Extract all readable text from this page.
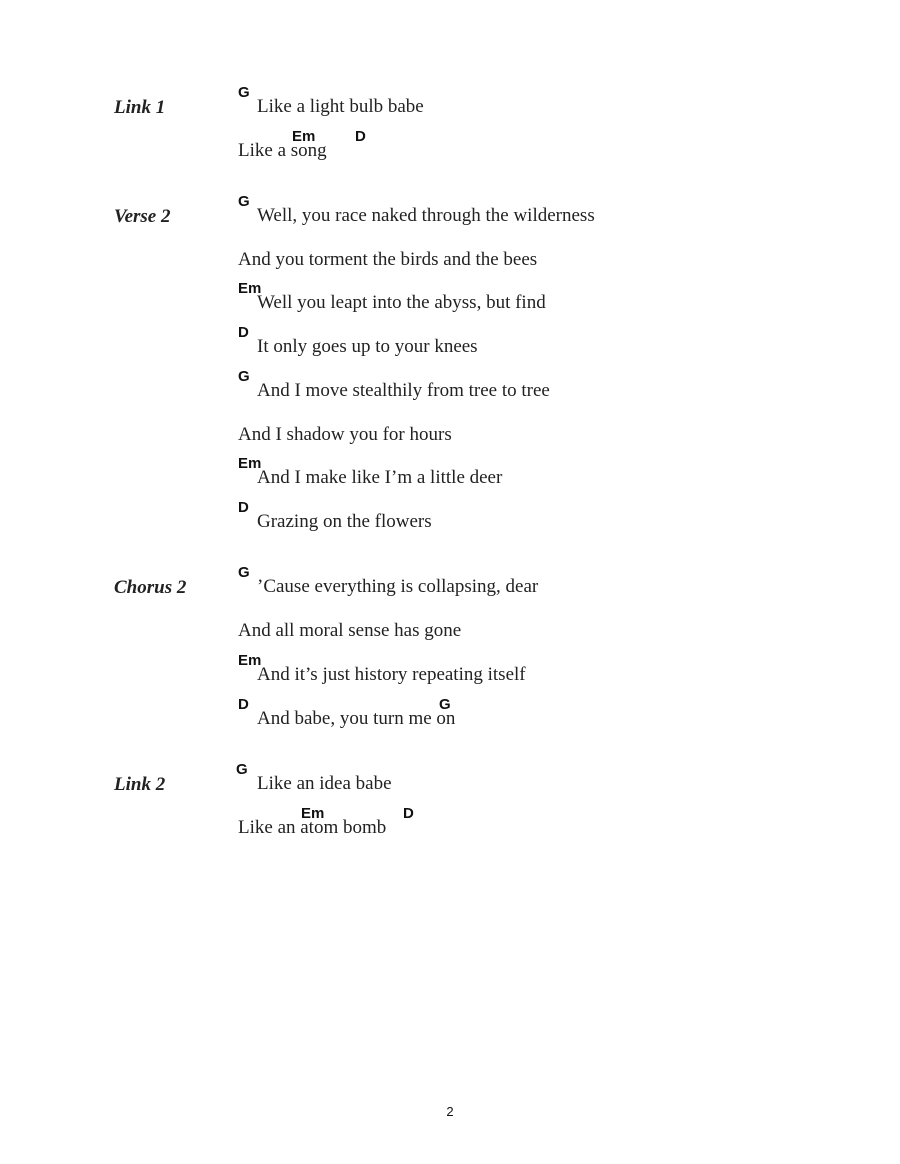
Link 1
G
Like a light bulb babe
Em	D
Like a song
Verse 2
G
Well, you race naked through the wilderness
And you torment the birds and the bees
Em
Well you leapt into the abyss, but find
D
It only goes up to your knees
G
And I move stealthily from tree to tree
And I shadow you for hours
Em
And I make like I’m a little deer
D
Grazing on the flowers
Chorus 2
G
’Cause everything is collapsing, dear
And all moral sense has gone
Em
And it’s just history repeating itself
D	G
And babe, you turn me on
Link 2
G
Like an idea babe
Em	D
Like an atom bomb
2
